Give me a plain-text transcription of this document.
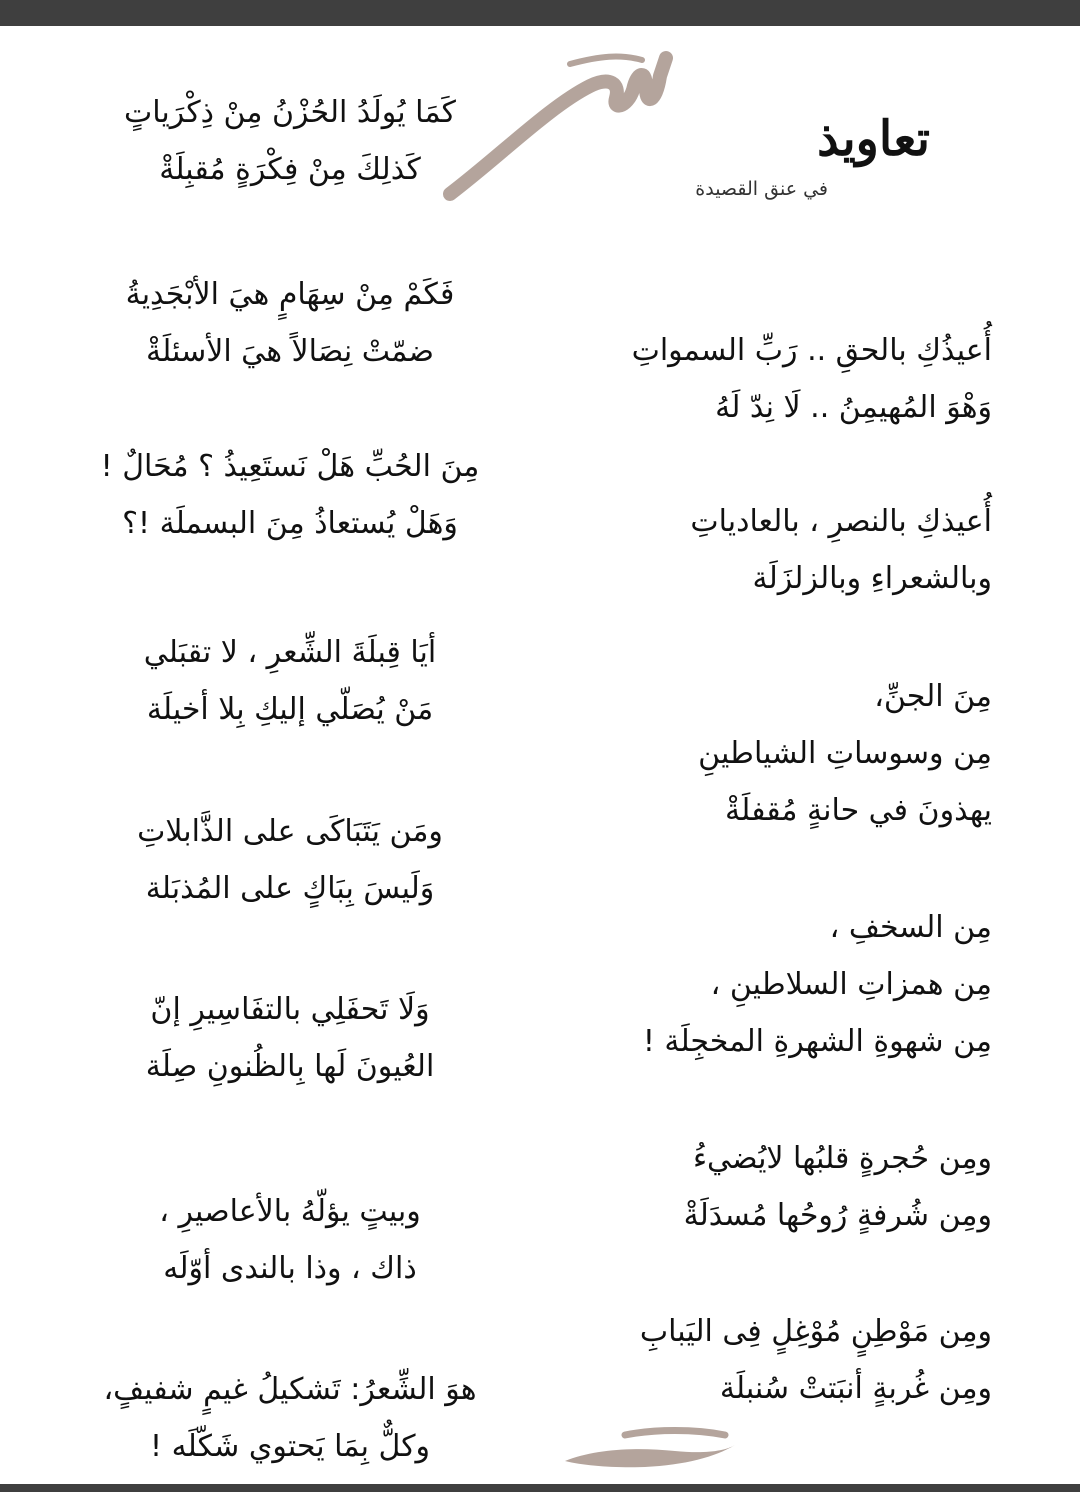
تعاويذ
في عنق القصيدة
أُعيذُكِ بالحقِ .. رَبِّ السمواتِ
وَهْوَ المُهيمِنُ .. لَا نِدّ لَهُ
أُعيذكِ بالنصرِ ، بالعادياتِ
وبالشعراءِ وبالزلزَلَة
مِنَ الجنِّ،
مِن وسوساتِ الشياطينِ
يهذونَ في حانةٍ مُقفلَةْ
مِن السخفِ ،
مِن همزاتِ السلاطينِ ،
مِن شهوةِ الشهرةِ المخجِلَة !
ومِن حُجرةٍ قلبُها لايُضيءُ
ومِن شُرفةٍ رُوحُها مُسدَلَةْ
ومِن مَوْطِنٍ مُوْغِلٍ فِى اليَبابِ
ومِن غُربةٍ أنبَتتْ سُنبلَة
كَمَا يُولَدُ الحُزْنُ مِنْ ذِكْرَياتٍ
كَذلِكَ مِنْ فِكْرَةٍ مُقبِلَةْ
فَكَمْ مِنْ سِهَامٍ هيَ الأبْجَدِيةُ
ضمّتْ نِصَالاً هيَ الأسئلَةْ
مِنَ الحُبِّ هَلْ نَستَعِيذُ ؟ مُحَالٌ !
وَهَلْ يُستعاذُ مِنَ البسملَة !؟
أيَا قِبلَةَ الشِّعرِ ، لا تقبَلي
مَنْ يُصَلّي إليكِ بِلا أخيلَة
ومَن يَتَبَاكَى على الذَّابلاتِ
وَلَيسَ بِبَاكٍ على المُذبَلة
وَلَا تَحفَلِي بالتفَاسِيرِ إنّ
العُيونَ لَها بِالظُنونِ صِلَة
وبيتٍ يؤلّهُ بالأعاصيرِ ،
ذاك ، وذا بالندى أوّلَه
هوَ الشِّعرُ: تَشكيلُ غيمٍ شفيفٍ،
وكلٌّ بِمَا يَحتوي شَكّلَه !
